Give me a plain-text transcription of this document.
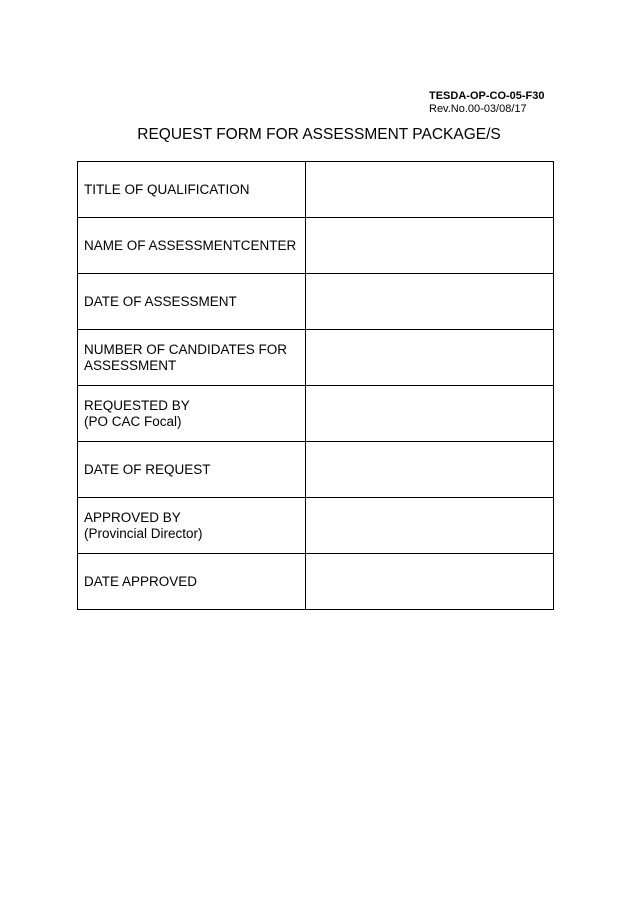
TESDA-OP-CO-05-F30
Rev.No.00-03/08/17
REQUEST FORM FOR ASSESSMENT PACKAGE/S
TITLE OF QUALIFICATION	

NAME OF ASSESSMENTCENTER	

DATE OF ASSESSMENT	

NUMBER OF CANDIDATES FOR
ASSESSMENT	

REQUESTED BY
(PO CAC Focal)	

DATE OF REQUEST	

APPROVED BY
(Provincial Director)	

DATE APPROVED	
